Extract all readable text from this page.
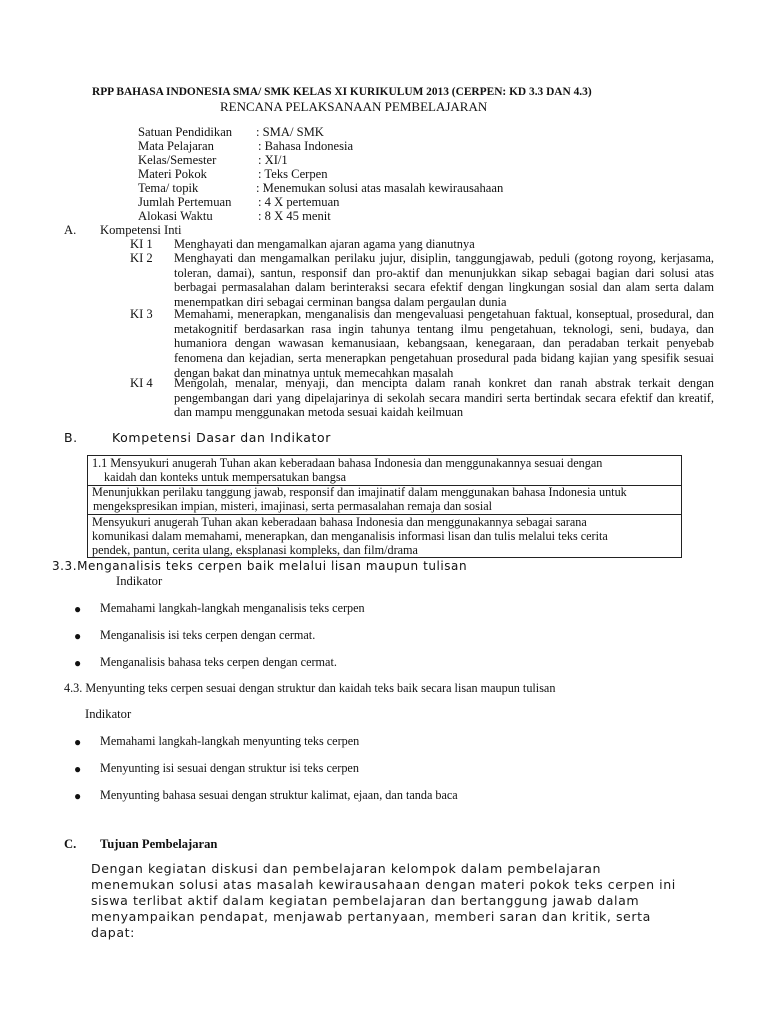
RPP BAHASA INDONESIA SMA/ SMK KELAS XI KURIKULUM 2013 (CERPEN: KD 3.3 DAN 4.3)
RENCANA PELAKSANAAN PEMBELAJARAN
Satuan Pendidikan : SMA/ SMK
Mata Pelajaran	: Bahasa Indonesia
Kelas/Semester	: XI/1
Materi Pokok	: Teks Cerpen
Tema/ topik	: Menemukan solusi atas masalah kewirausahaan
Jumlah Pertemuan : 4 X pertemuan
Alokasi Waktu	: 8 X 45 menit
A. Kompetensi Inti
KI 1 Menghayati dan mengamalkan ajaran agama yang dianutnya
KI 2 Menghayati dan mengamalkan perilaku jujur, disiplin, tanggungjawab, peduli (gotong royong, kerjasama, toleran, damai), santun, responsif dan pro-aktif dan menunjukkan sikap sebagai bagian dari solusi atas berbagai permasalahan dalam berinteraksi secara efektif dengan lingkungan sosial dan alam serta dalam menempatkan diri sebagai cerminan bangsa dalam pergaulan dunia
KI 3 Memahami, menerapkan, menganalisis dan mengevaluasi pengetahuan faktual, konseptual, prosedural, dan metakognitif berdasarkan rasa ingin tahunya tentang ilmu pengetahuan, teknologi, seni, budaya, dan humaniora dengan wawasan kemanusiaan, kebangsaan, kenegaraan, dan peradaban terkait penyebab fenomena dan kejadian, serta menerapkan pengetahuan prosedural pada bidang kajian yang spesifik sesuai dengan bakat dan minatnya untuk memecahkan masalah
KI 4 Mengolah, menalar, menyaji, dan mencipta dalam ranah konkret dan ranah abstrak terkait dengan pengembangan dari yang dipelajarinya di sekolah secara mandiri serta bertindak secara efektif dan kreatif, dan mampu menggunakan metoda sesuai kaidah keilmuan
B.	Kompetensi Dasar dan Indikator
1.1 Mensyukuri anugerah Tuhan akan keberadaan bahasa Indonesia dan menggunakannya sesuai dengan
kaidah dan konteks untuk mempersatukan bangsa
Menunjukkan perilaku tanggung jawab, responsif dan imajinatif dalam menggunakan bahasa Indonesia untuk
mengekspresikan impian, misteri, imajinasi, serta permasalahan remaja dan sosial
Mensyukuri anugerah Tuhan akan keberadaan bahasa Indonesia dan menggunakannya sebagai sarana
komunikasi dalam memahami, menerapkan, dan menganalisis informasi lisan dan tulis melalui teks cerita
pendek, pantun, cerita ulang, eksplanasi kompleks, dan film/drama
3.3.Menganalisis teks cerpen baik melalui lisan maupun tulisan
Indikator
● Memahami langkah-langkah menganalisis teks cerpen
● Menganalisis isi teks cerpen dengan cermat.
● Menganalisis bahasa teks cerpen dengan cermat.
4.3. Menyunting teks cerpen sesuai dengan struktur dan kaidah teks baik secara lisan maupun tulisan
Indikator
● Memahami langkah-langkah menyunting teks cerpen
● Menyunting isi sesuai dengan struktur isi teks cerpen
● Menyunting bahasa sesuai dengan struktur kalimat, ejaan, dan tanda baca
C. Tujuan Pembelajaran
Dengan kegiatan diskusi dan pembelajaran kelompok dalam pembelajaran menemukan solusi atas masalah kewirausahaan dengan materi pokok teks cerpen ini siswa terlibat aktif dalam kegiatan pembelajaran dan bertanggung jawab dalam menyampaikan pendapat, menjawab pertanyaan, memberi saran dan kritik, serta dapat:
